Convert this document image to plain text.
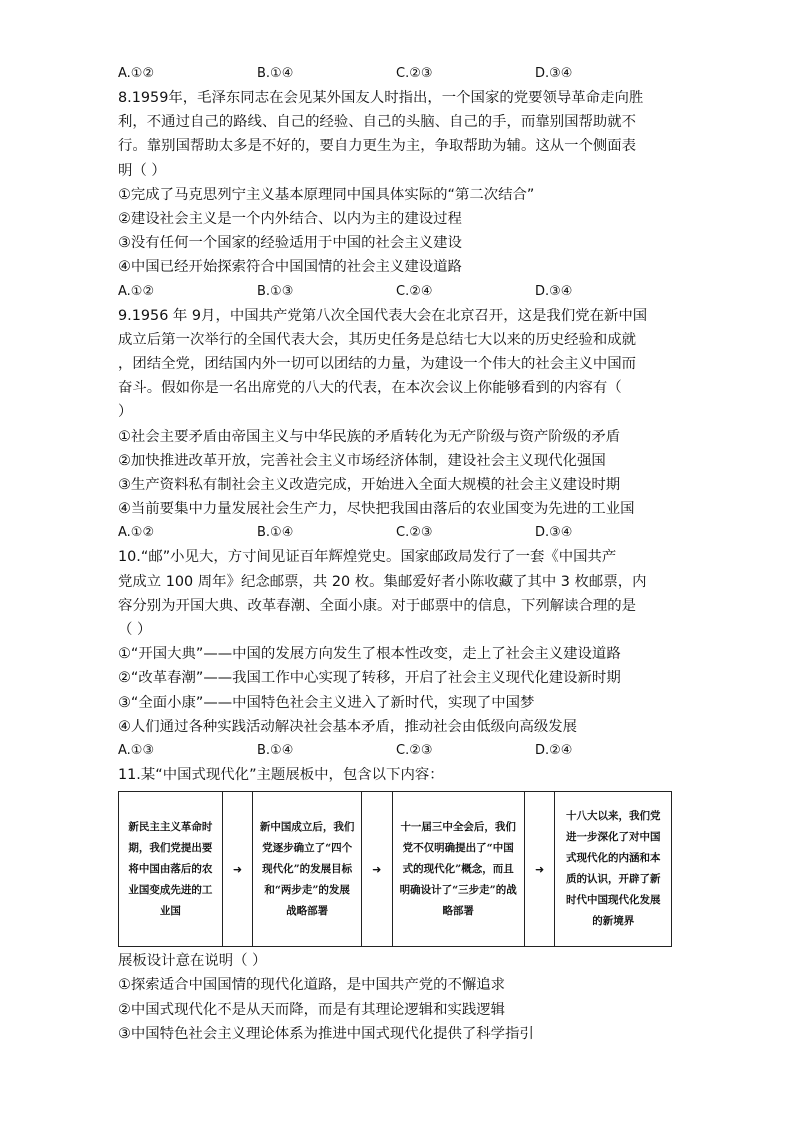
A.①②	B.①④	C.②③	D.③④
8.1959年，毛泽东同志在会见某外国友人时指出，一个国家的党要领导革命走向胜
利，不通过自己的路线、自己的经验、自己的头脑、自己的手，而靠别国帮助就不
行。靠别国帮助太多是不好的，要自力更生为主，争取帮助为辅。这从一个侧面表
明（ ）
①完成了马克思列宁主义基本原理同中国具体实际的“第二次结合”
②建设社会主义是一个内外结合、以内为主的建设过程
③没有任何一个国家的经验适用于中国的社会主义建设
④中国已经开始探索符合中国国情的社会主义建设道路
A.①②	B.①③	C.②④	D.③④
9.1956 年 9月，中国共产党第八次全国代表大会在北京召开，这是我们党在新中国
成立后第一次举行的全国代表大会，其历史任务是总结七大以来的历史经验和成就
，团结全党，团结国内外一切可以团结的力量，为建设一个伟大的社会主义中国而
奋斗。假如你是一名出席党的八大的代表，在本次会议上你能够看到的内容有（
）
①社会主要矛盾由帝国主义与中华民族的矛盾转化为无产阶级与资产阶级的矛盾
②加快推进改革开放，完善社会主义市场经济体制，建设社会主义现代化强国
③生产资料私有制社会主义改造完成，开始进入全面大规模的社会主义建设时期
④当前要集中力量发展社会生产力，尽快把我国由落后的农业国变为先进的工业国
A.①②	B.①④	C.②③	D.③④
10.“邮”小见大，方寸间见证百年辉煌党史。国家邮政局发行了一套《中国共产
党成立 100 周年》纪念邮票，共 20 枚。集邮爱好者小陈收藏了其中 3 枚邮票，内
容分别为开国大典、改革春潮、全面小康。对于邮票中的信息，下列解读合理的是
（ ）
①“开国大典”——中国的发展方向发生了根本性改变，走上了社会主义建设道路
②“改革春潮”——我国工作中心实现了转移，开启了社会主义现代化建设新时期
③“全面小康”——中国特色社会主义进入了新时代，实现了中国梦
④人们通过各种实践活动解决社会基本矛盾，推动社会由低级向高级发展
A.①③	B.①④	C.②③	D.②④
11.某“中国式现代化”主题展板中，包含以下内容：
新民主主义革命时期，我们党提出要将中国由落后的农业国变成先进的工业国
➜
新中国成立后，我们党逐步确立了“四个现代化”的发展目标和“两步走”的发展战略部署
➜
十一届三中全会后，我们党不仅明确提出了“中国式的现代化”概念，而且明确设计了“三步走”的战略部署
➜
十八大以来，我们党进一步深化了对中国式现代化的内涵和本质的认识，开辟了新时代中国现代化发展的新境界
展板设计意在说明（ ）
①探索适合中国国情的现代化道路，是中国共产党的不懈追求
②中国式现代化不是从天而降，而是有其理论逻辑和实践逻辑
③中国特色社会主义理论体系为推进中国式现代化提供了科学指引
